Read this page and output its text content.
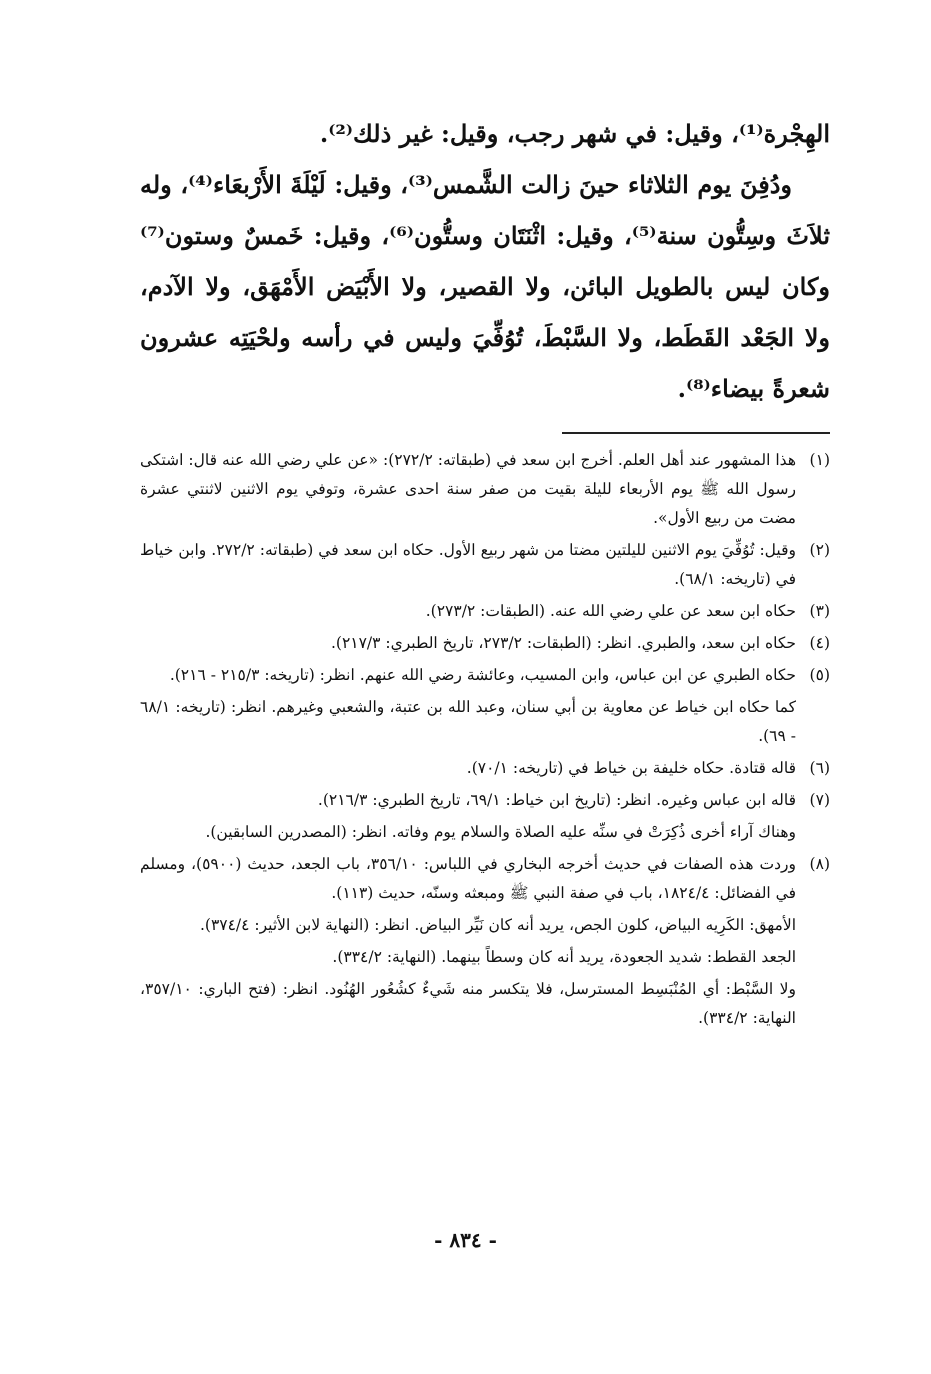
الهِجْرة⁽¹⁾، وقيل: في شهر رجب، وقيل: غير ذلك⁽²⁾.

ودُفِنَ يوم الثلاثاء حينَ زالت الشَّمس⁽³⁾، وقيل: لَيْلَةَ الأَرْبعَاء⁽⁴⁾، وله ثلاَثَ وسِتُّون سنة⁽⁵⁾، وقيل: اثْنَتَان وستُّون⁽⁶⁾، وقيل: خَمسٌ وستون⁽⁷⁾ وكان ليس بالطويل البائن، ولا القصير، ولا الأَبْيَض الأَمْهَق، ولا الآدم، ولا الجَعْد القَطَط، ولا السَّبْطَ، تُوُفِّيَ وليس في رأسه ولحْيَتِه عشرون شعرةً بيضاء⁽⁸⁾.

(١)
هذا المشهور عند أهل العلم. أخرج ابن سعد في (طبقاته: ٢٧٢/٢): «عن علي رضي الله عنه قال: اشتكى رسول الله ﷺ يوم الأربعاء لليلة بقيت من صفر سنة احدى عشرة، وتوفي يوم الاثنين لاثنتي عشرة مضت من ربيع الأول».
(٢)
وقيل: تُوُفِّيَ يوم الاثنين لليلتين مضتا من شهر ربيع الأول. حكاه ابن سعد في (طبقاته: ٢٧٢/٢. وابن خياط في (تاريخه: ٦٨/١).
(٣)
حكاه ابن سعد عن علي رضي الله عنه. (الطبقات: ٢٧٣/٢).
(٤)
حكاه ابن سعد، والطبري. انظر: (الطبقات: ٢٧٣/٢، تاريخ الطبري: ٢١٧/٣).
(٥)
حكاه الطبري عن ابن عباس، وابن المسيب، وعائشة رضي الله عنهم. انظر: (تاريخه: ٢١٥/٣ - ٢١٦).
كما حكاه ابن خياط عن معاوية بن أبي سنان، وعبد الله بن عتبة، والشعبي وغيرهم. انظر: (تاريخه: ٦٨/١ - ٦٩).
(٦)
قاله قتادة. حكاه خليفة بن خياط في (تاريخه: ٧٠/١).
(٧)
قاله ابن عباس وغيره. انظر: (تاريخ ابن خياط: ٦٩/١، تاريخ الطبري: ٢١٦/٣).
وهناك آراء أخرى ذُكِرَتْ في سنِّه عليه الصلاة والسلام يوم وفاته. انظر: (المصدرين السابقين).
(٨)
وردت هذه الصفات في حديث أخرجه البخاري في اللباس: ٣٥٦/١٠، باب الجعد، حديث (٥٩٠٠)، ومسلم في الفضائل: ١٨٢٤/٤، باب في صفة النبي ﷺ ومبعثه وسنّه، حديث (١١٣).
الأمهق: الكَرِيه البياض، كلون الجص، يريد أنه كان نَيِّر البياض. انظر: (النهاية لابن الأثير: ٣٧٤/٤).
الجعد القطط: شديد الجعودة، يريد أنه كان وسطاً بينهما. (النهاية: ٣٣٤/٢).
ولا السَّبْط: أي المُنْبَسِط المسترسل، فلا يتكسر منه شَيءٌ كشُعُور الهُنُود. انظر: (فتح الباري: ٣٥٧/١٠، النهاية: ٣٣٤/٢).
- ٨٣٤ -
